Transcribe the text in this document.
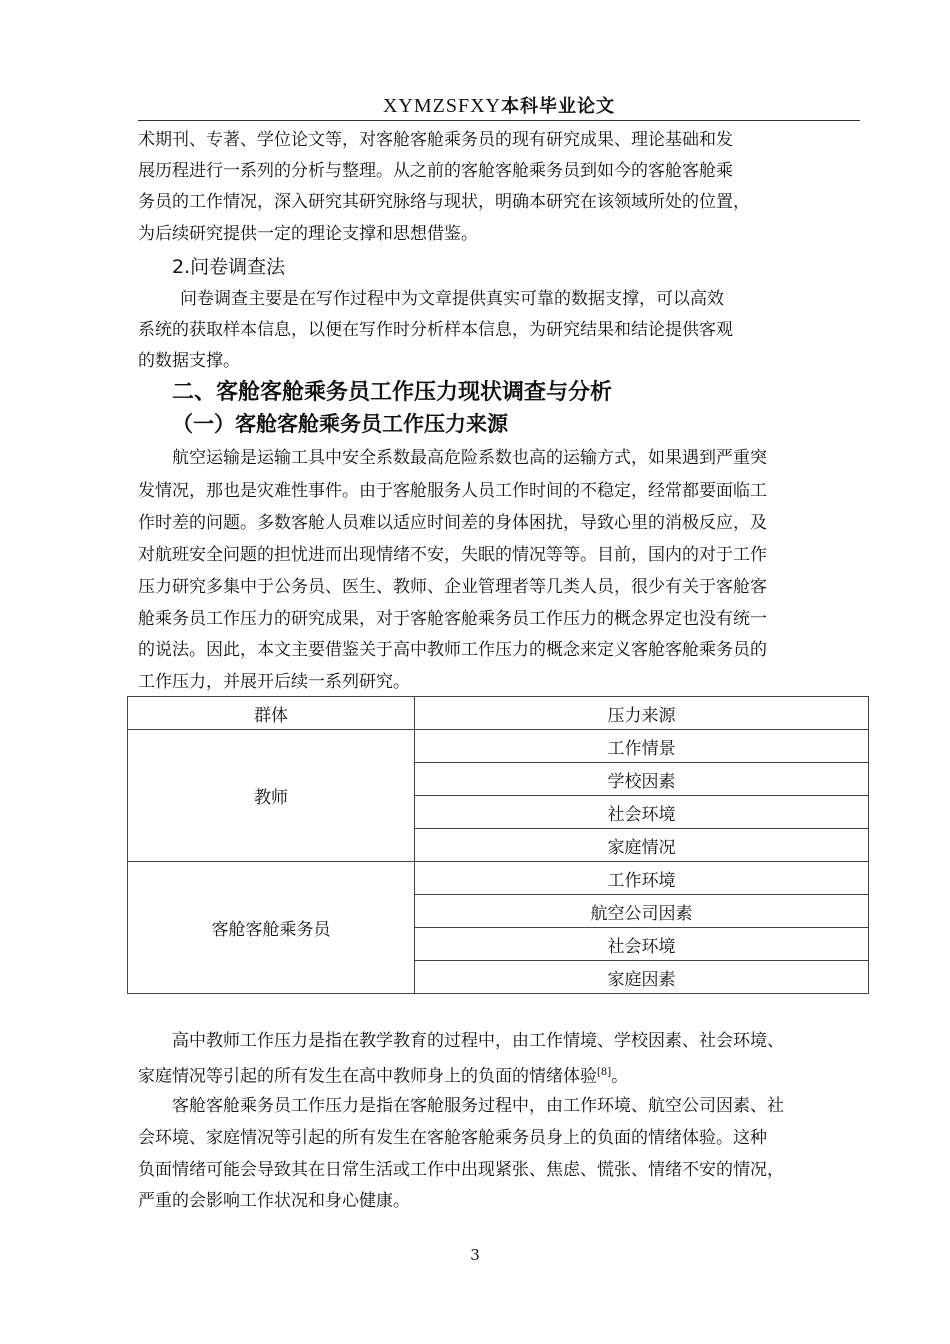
XYMZSFXY本科毕业论文
术期刊、专著、学位论文等，对客舱客舱乘务员的现有研究成果、理论基础和发
展历程进行一系列的分析与整理。从之前的客舱客舱乘务员到如今的客舱客舱乘
务员的工作情况，深入研究其研究脉络与现状，明确本研究在该领域所处的位置，
为后续研究提供一定的理论支撑和思想借鉴。
2.问卷调查法
问卷调查主要是在写作过程中为文章提供真实可靠的数据支撑，可以高效
系统的获取样本信息，以便在写作时分析样本信息，为研究结果和结论提供客观
的数据支撑。
二、客舱客舱乘务员工作压力现状调查与分析
（一）客舱客舱乘务员工作压力来源
航空运输是运输工具中安全系数最高危险系数也高的运输方式，如果遇到严重突
发情况，那也是灾难性事件。由于客舱服务人员工作时间的不稳定，经常都要面临工
作时差的问题。多数客舱人员难以适应时间差的身体困扰，导致心里的消极反应，及
对航班安全问题的担忧进而出现情绪不安，失眠的情况等等。目前，国内的对于工作
压力研究多集中于公务员、医生、教师、企业管理者等几类人员，很少有关于客舱客
舱乘务员工作压力的研究成果，对于客舱客舱乘务员工作压力的概念界定也没有统一
的说法。因此，本文主要借鉴关于高中教师工作压力的概念来定义客舱客舱乘务员的
工作压力，并展开后续一系列研究。
群体	压力来源
教师	工作情景
	学校因素
	社会环境
	家庭情况
客舱客舱乘务员	工作环境
	航空公司因素
	社会环境
	家庭因素
高中教师工作压力是指在教学教育的过程中，由工作情境、学校因素、社会环境、
家庭情况等引起的所有发生在高中教师身上的负面的情绪体验[8]。
客舱客舱乘务员工作压力是指在客舱服务过程中，由工作环境、航空公司因素、社
会环境、家庭情况等引起的所有发生在客舱客舱乘务员身上的负面的情绪体验。这种
负面情绪可能会导致其在日常生活或工作中出现紧张、焦虑、慌张、情绪不安的情况，
严重的会影响工作状况和身心健康。
3
